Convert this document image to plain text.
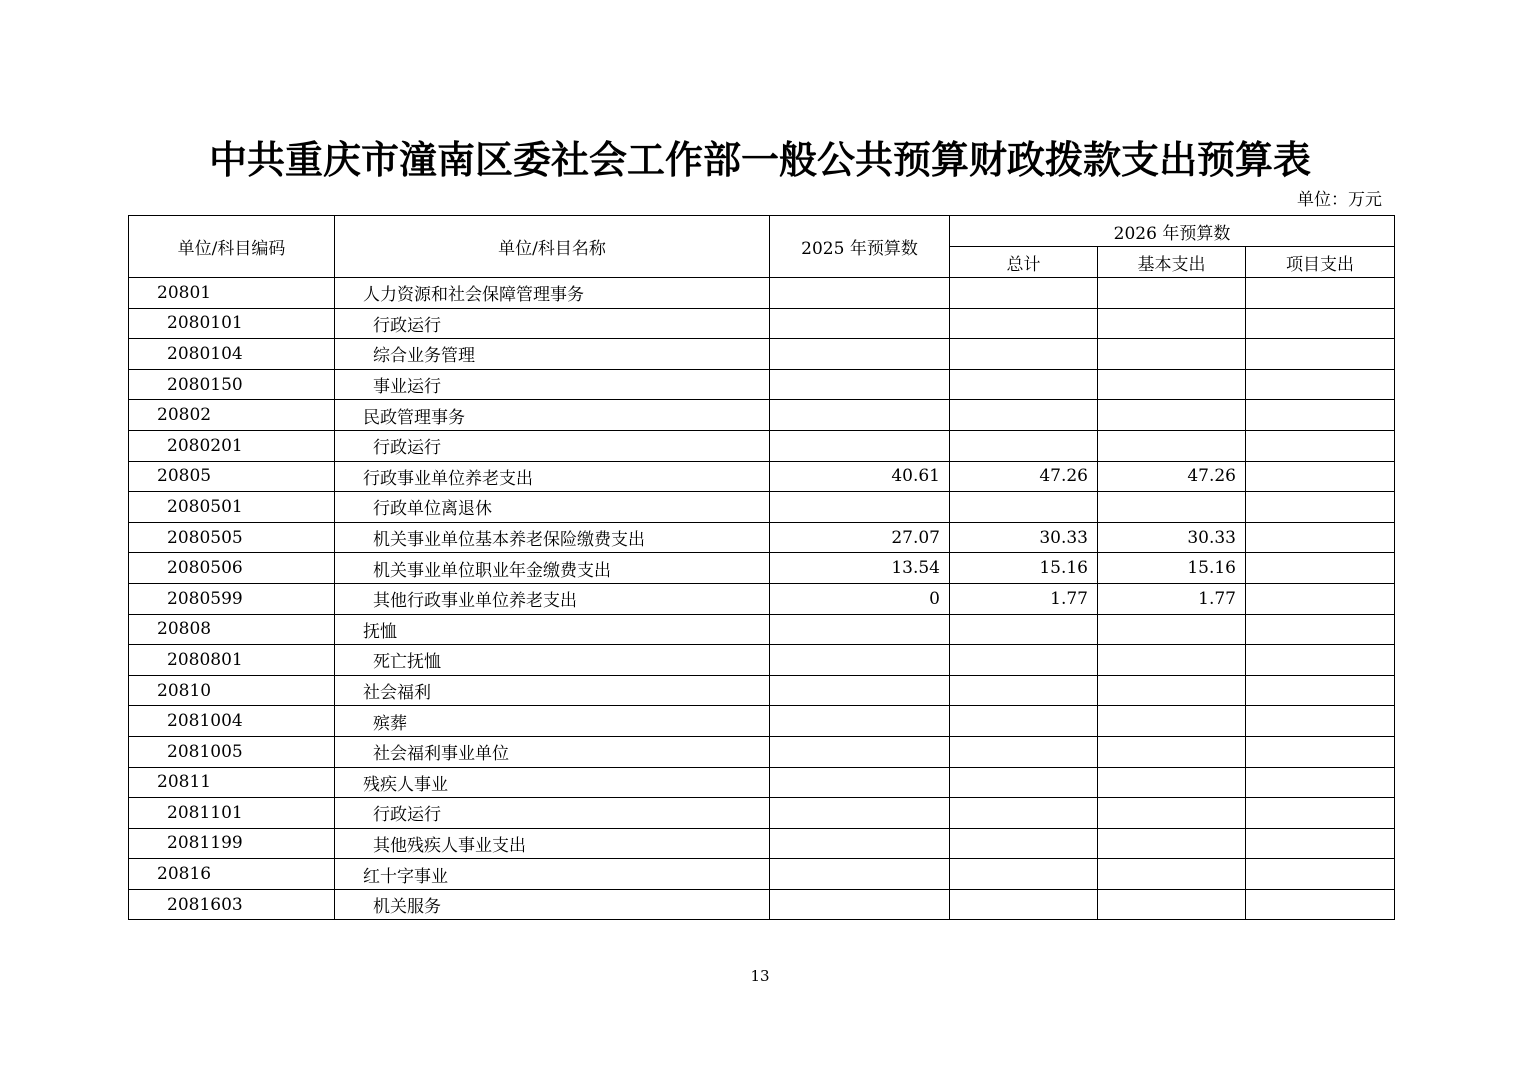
中共重庆市潼南区委社会工作部一般公共预算财政拨款支出预算表
单位：万元
单位/科目编码	单位/科目名称	2025 年预算数	2026 年预算数		
			总计	基本支出	项目支出
20801	人力资源和社会保障管理事务				
2080101	行政运行				
2080104	综合业务管理				
2080150	事业运行				
20802	民政管理事务				
2080201	行政运行				
20805	行政事业单位养老支出	40.61	47.26	47.26	
2080501	行政单位离退休				
2080505	机关事业单位基本养老保险缴费支出	27.07	30.33	30.33	
2080506	机关事业单位职业年金缴费支出	13.54	15.16	15.16	
2080599	其他行政事业单位养老支出	0	1.77	1.77	
20808	抚恤				
2080801	死亡抚恤				
20810	社会福利				
2081004	殡葬				
2081005	社会福利事业单位				
20811	残疾人事业				
2081101	行政运行				
2081199	其他残疾人事业支出				
20816	红十字事业				
2081603	机关服务				
13
